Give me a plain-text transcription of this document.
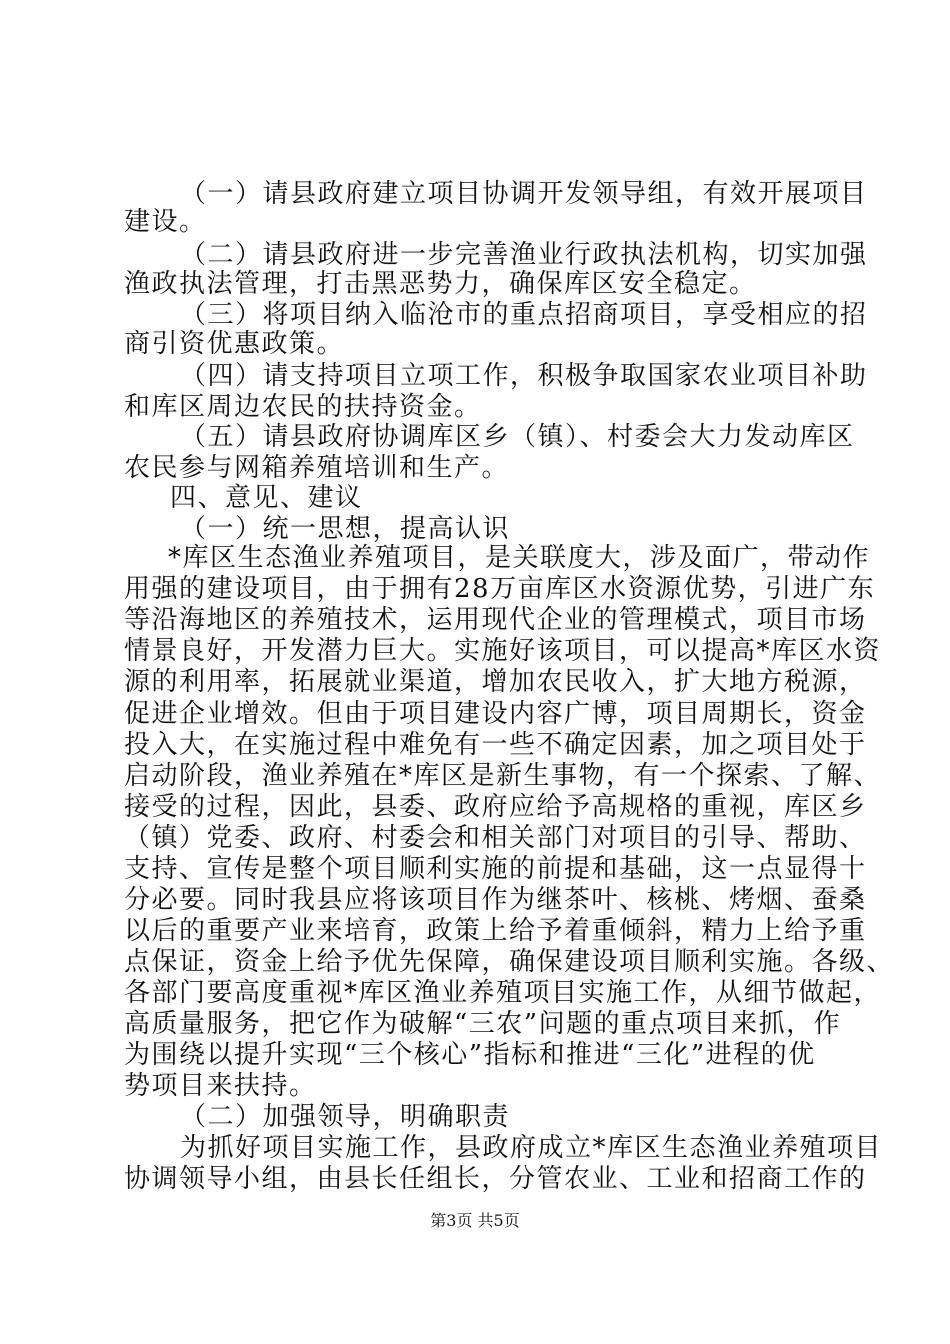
（一）请县政府建立项目协调开发领导组，有效开展项目
建设。
（二）请县政府进一步完善渔业行政执法机构，切实加强
渔政执法管理，打击黑恶势力，确保库区安全稳定。
（三）将项目纳入临沧市的重点招商项目，享受相应的招
商引资优惠政策。
（四）请支持项目立项工作，积极争取国家农业项目补助
和库区周边农民的扶持资金。
（五）请县政府协调库区乡（镇）、村委会大力发动库区
农民参与网箱养殖培训和生产。
四、意见、建议
（一）统一思想，提高认识
*库区生态渔业养殖项目，是关联度大，涉及面广，带动作
用强的建设项目，由于拥有28万亩库区水资源优势，引进广东
等沿海地区的养殖技术，运用现代企业的管理模式，项目市场
情景良好，开发潜力巨大。实施好该项目，可以提高*库区水资
源的利用率，拓展就业渠道，增加农民收入，扩大地方税源，
促进企业增效。但由于项目建设内容广博，项目周期长，资金
投入大，在实施过程中难免有一些不确定因素，加之项目处于
启动阶段，渔业养殖在*库区是新生事物，有一个探索、了解、
接受的过程，因此，县委、政府应给予高规格的重视，库区乡
（镇）党委、政府、村委会和相关部门对项目的引导、帮助、
支持、宣传是整个项目顺利实施的前提和基础，这一点显得十
分必要。同时我县应将该项目作为继茶叶、核桃、烤烟、蚕桑
以后的重要产业来培育，政策上给予着重倾斜，精力上给予重
点保证，资金上给予优先保障，确保建设项目顺利实施。各级、
各部门要高度重视*库区渔业养殖项目实施工作，从细节做起，
高质量服务，把它作为破解“三农”问题的重点项目来抓，作
为围绕以提升实现“三个核心”指标和推进“三化”进程的优
势项目来扶持。
（二）加强领导，明确职责
为抓好项目实施工作，县政府成立*库区生态渔业养殖项目
协调领导小组，由县长任组长，分管农业、工业和招商工作的
第3页 共5页
